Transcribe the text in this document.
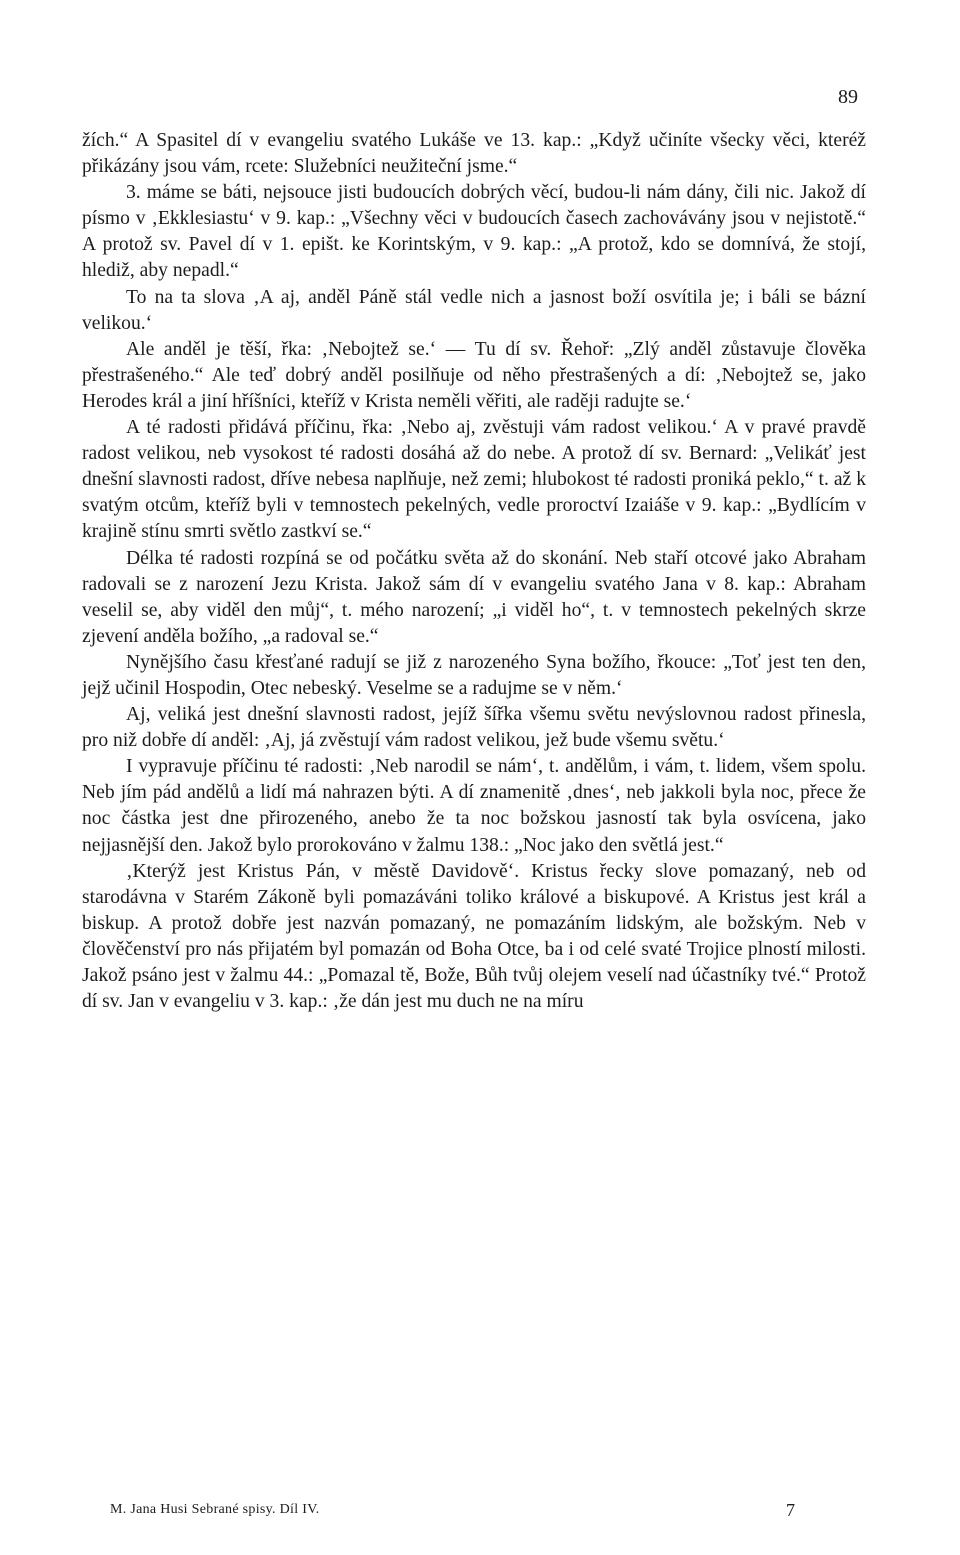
89

žích.“ A Spasitel dí v evangeliu svatého Lukáše ve 13. kap.: „Když učiníte všecky věci, kteréž přikázány jsou vám, rcete: Služebníci neužiteční jsme.“

3. máme se báti, nejsouce jisti budoucích dobrých věcí, budou-li nám dány, čili nic. Jakož dí písmo v ‚Ekklesiastu‘ v 9. kap.: „Všechny věci v budoucích časech zachovávány jsou v nejistotě.“ A protož sv. Pavel dí v 1. epišt. ke Korintským, v 9. kap.: „A protož, kdo se domnívá, že stojí, hlediž, aby nepadl.“

To na ta slova ‚A aj, anděl Páně stál vedle nich a jasnost boží osvítila je; i báli se bázní velikou.‘

Ale anděl je těší, řka: ‚Nebojtež se.‘ — Tu dí sv. Řehoř: „Zlý anděl zůstavuje člověka přestrašeného.“ Ale teď dobrý anděl posilňuje od něho přestrašených a dí: ‚Nebojtež se, jako Herodes král a jiní hříšníci, kteříž v Krista neměli věřiti, ale raději radujte se.‘

A té radosti přidává příčinu, řka: ‚Nebo aj, zvěstuji vám radost velikou.‘ A v pravé pravdě radost velikou, neb vysokost té radosti dosáhá až do nebe. A protož dí sv. Bernard: „Velikáť jest dnešní slavnosti radost, dříve nebesa naplňuje, než zemi; hlubokost té radosti proniká peklo,“ t. až k svatým otcům, kteříž byli v temnostech pekelných, vedle proroctví Izaiáše v 9. kap.: „Bydlícím v krajině stínu smrti světlo zastkví se.“

Délka té radosti rozpíná se od počátku světa až do skonání. Neb staří otcové jako Abraham radovali se z narození Jezu Krista. Jakož sám dí v evangeliu svatého Jana v 8. kap.: Abraham veselil se, aby viděl den můj“, t. mého narození; „i viděl ho“, t. v temnostech pekelných skrze zjevení anděla božího, „a radoval se.“

Nynějšího času křesťané radují se již z narozeného Syna božího, řkouce: „Toť jest ten den, jejž učinil Hospodin, Otec nebeský. Veselme se a radujme se v něm.‘

Aj, veliká jest dnešní slavnosti radost, jejíž šířka všemu světu nevýslovnou radost přinesla, pro niž dobře dí anděl: ‚Aj, já zvěstují vám radost velikou, jež bude všemu světu.‘

I vypravuje příčinu té radosti: ‚Neb narodil se nám‘, t. andělům, i vám, t. lidem, všem spolu. Neb jím pád andělů a lidí má nahrazen býti. A dí znamenitě ‚dnes‘, neb jakkoli byla noc, přece že noc částka jest dne přirozeného, anebo že ta noc božskou jasností tak byla osvícena, jako nejjasnější den. Jakož bylo prorokováno v žalmu 138.: „Noc jako den světlá jest.“

‚Kterýž jest Kristus Pán, v městě Davidově‘. Kristus řecky slove pomazaný, neb od starodávna v Starém Zákoně byli pomazáváni toliko králové a biskupové. A Kristus jest král a biskup. A protož dobře jest nazván pomazaný, ne pomazáním lidským, ale božským. Neb v člověčenství pro nás přijatém byl pomazán od Boha Otce, ba i od celé svaté Trojice plností milosti. Jakož psáno jest v žalmu 44.: „Pomazal tě, Bože, Bůh tvůj olejem veselí nad účastníky tvé.“ Protož dí sv. Jan v evangeliu v 3. kap.: ‚že dán jest mu duch ne na míru

M. Jana Husi Sebrané spisy. Díl IV.	7
